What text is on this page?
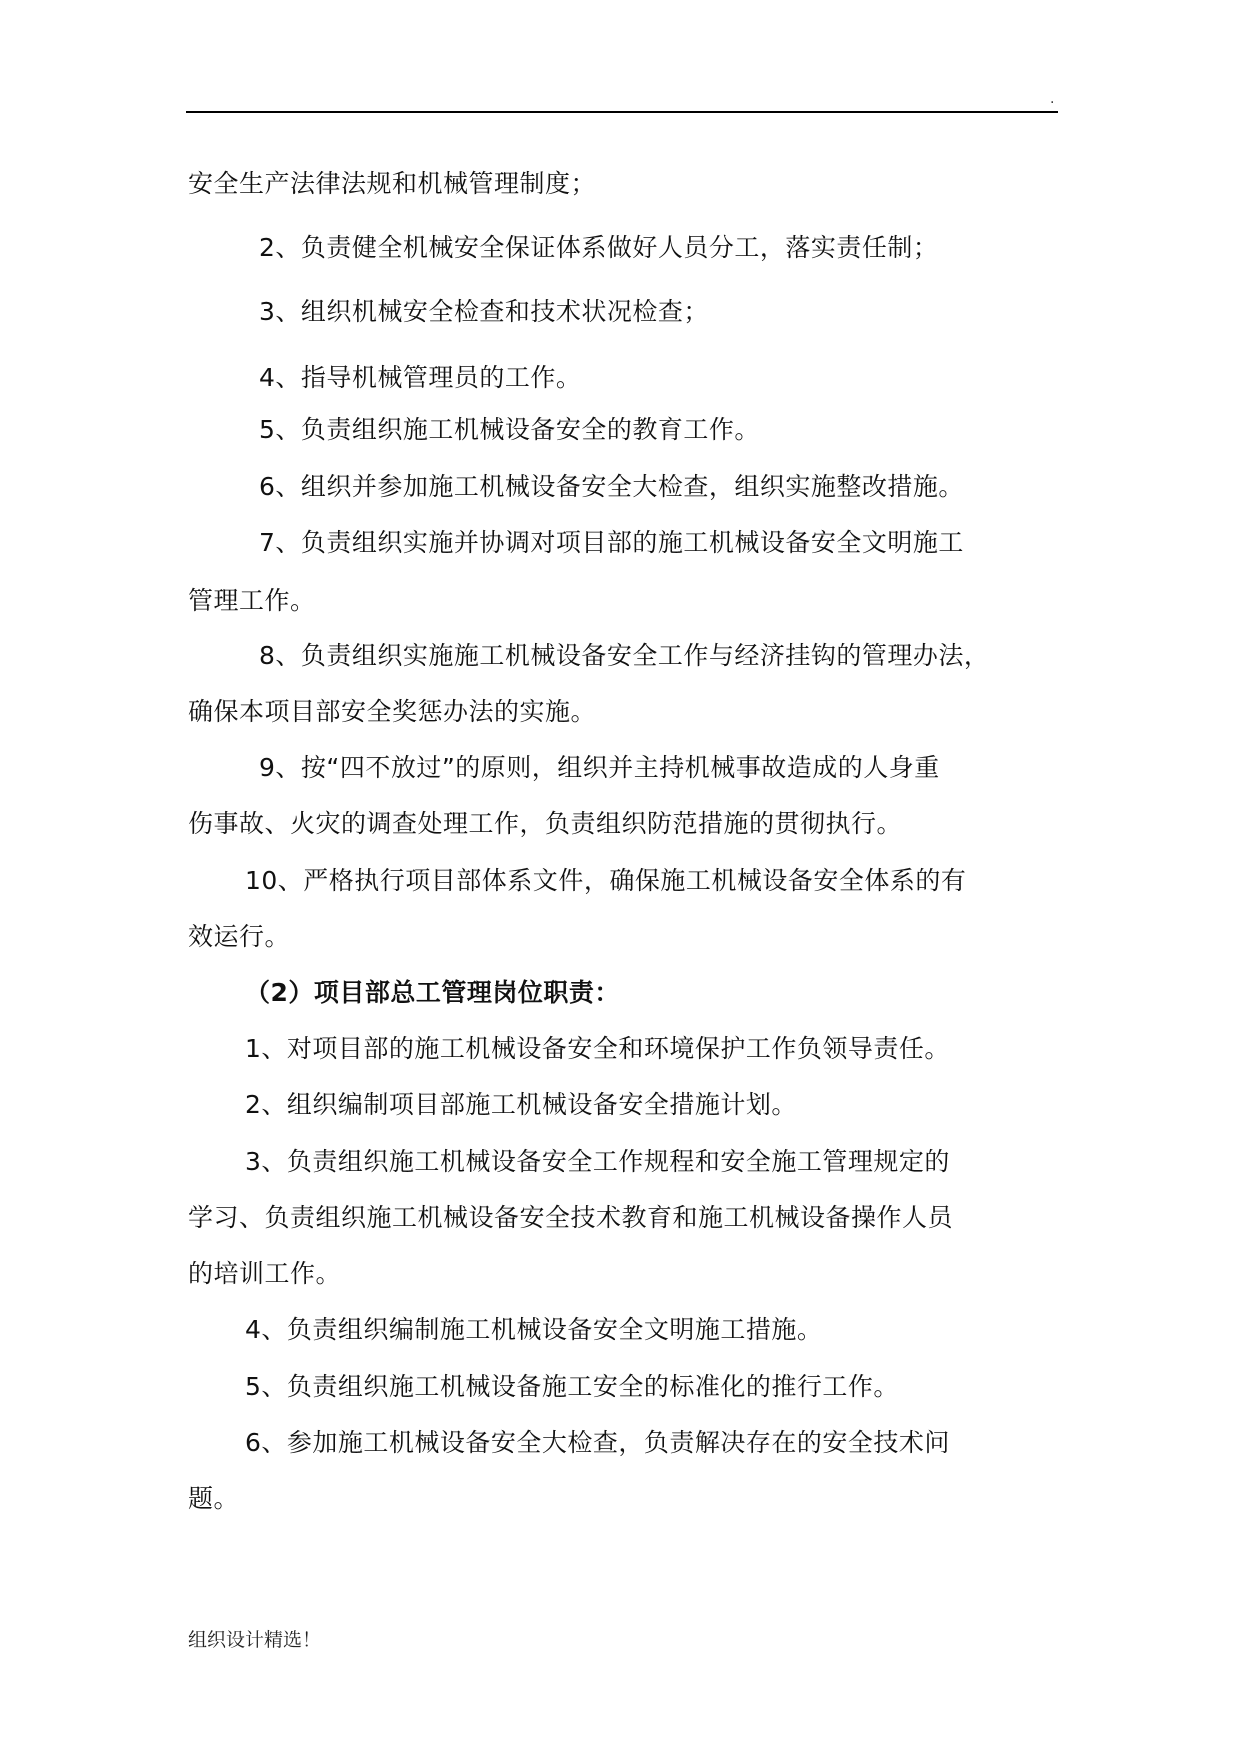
.
安全生产法律法规和机械管理制度；
2、负责健全机械安全保证体系做好人员分工，落实责任制；
3、组织机械安全检查和技术状况检查；
4、指导机械管理员的工作。
5、负责组织施工机械设备安全的教育工作。
6、组织并参加施工机械设备安全大检查，组织实施整改措施。
7、负责组织实施并协调对项目部的施工机械设备安全文明施工
管理工作。
8、负责组织实施施工机械设备安全工作与经济挂钩的管理办法，
确保本项目部安全奖惩办法的实施。
9、按“四不放过”的原则，组织并主持机械事故造成的人身重
伤事故、火灾的调查处理工作，负责组织防范措施的贯彻执行。
10、严格执行项目部体系文件，确保施工机械设备安全体系的有
效运行。
（2）项目部总工管理岗位职责：
1、对项目部的施工机械设备安全和环境保护工作负领导责任。
2、组织编制项目部施工机械设备安全措施计划。
3、负责组织施工机械设备安全工作规程和安全施工管理规定的
学习、负责组织施工机械设备安全技术教育和施工机械设备操作人员
的培训工作。
4、负责组织编制施工机械设备安全文明施工措施。
5、负责组织施工机械设备施工安全的标准化的推行工作。
6、参加施工机械设备安全大检查，负责解决存在的安全技术问
题。
组织设计精选！
